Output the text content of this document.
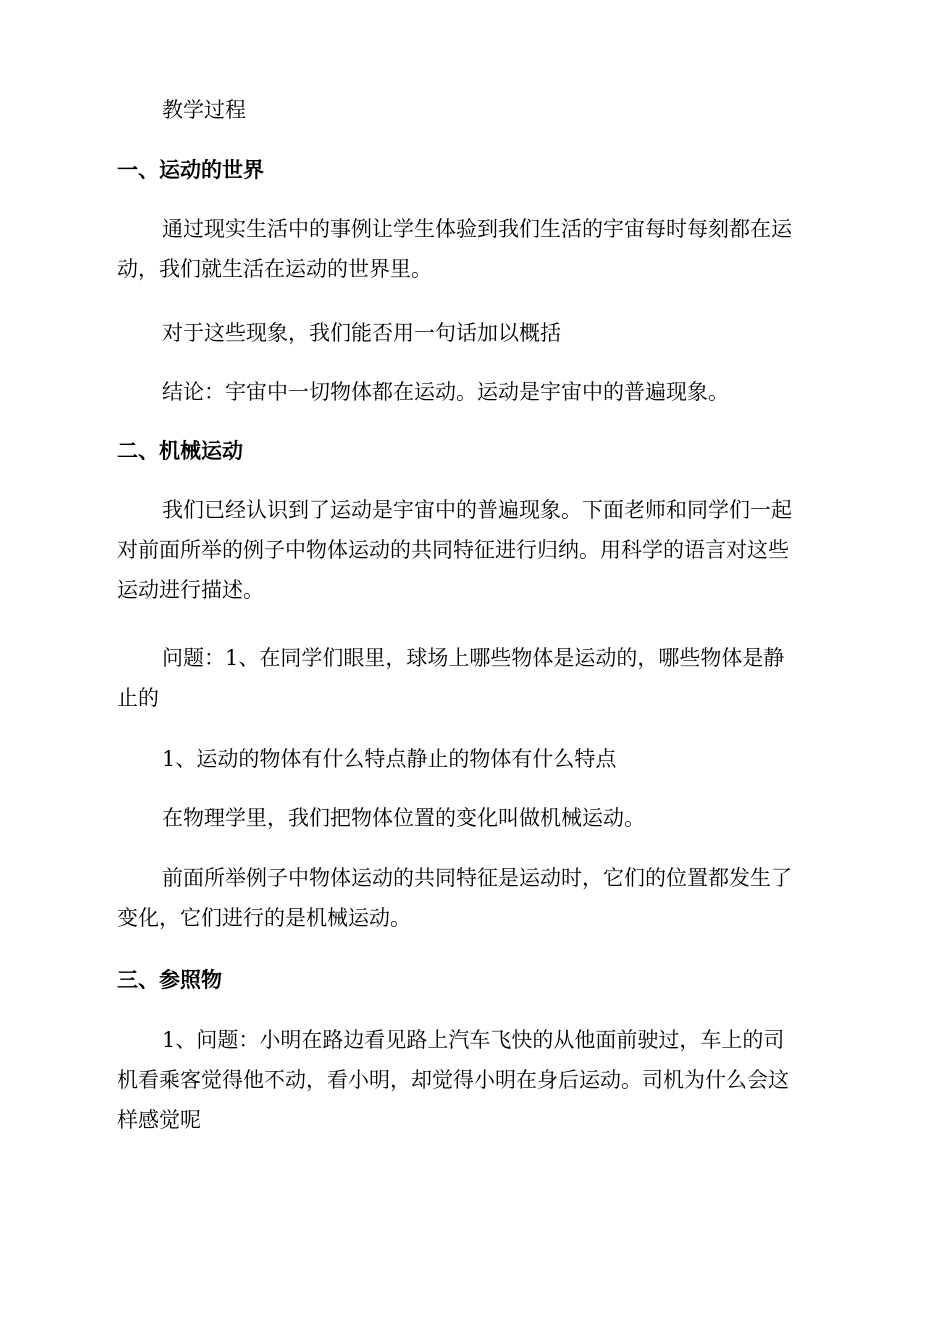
教学过程
一、运动的世界
通过现实生活中的事例让学生体验到我们生活的宇宙每时每刻都在运
动，我们就生活在运动的世界里。
对于这些现象，我们能否用一句话加以概括
结论：宇宙中一切物体都在运动。运动是宇宙中的普遍现象。
二、机械运动
我们已经认识到了运动是宇宙中的普遍现象。下面老师和同学们一起
对前面所举的例子中物体运动的共同特征进行归纳。用科学的语言对这些
运动进行描述。
问题：1、在同学们眼里，球场上哪些物体是运动的，哪些物体是静
止的
1、运动的物体有什么特点静止的物体有什么特点
在物理学里，我们把物体位置的变化叫做机械运动。
前面所举例子中物体运动的共同特征是运动时，它们的位置都发生了
变化，它们进行的是机械运动。
三、参照物
1、问题：小明在路边看见路上汽车飞快的从他面前驶过，车上的司
机看乘客觉得他不动，看小明，却觉得小明在身后运动。司机为什么会这
样感觉呢
